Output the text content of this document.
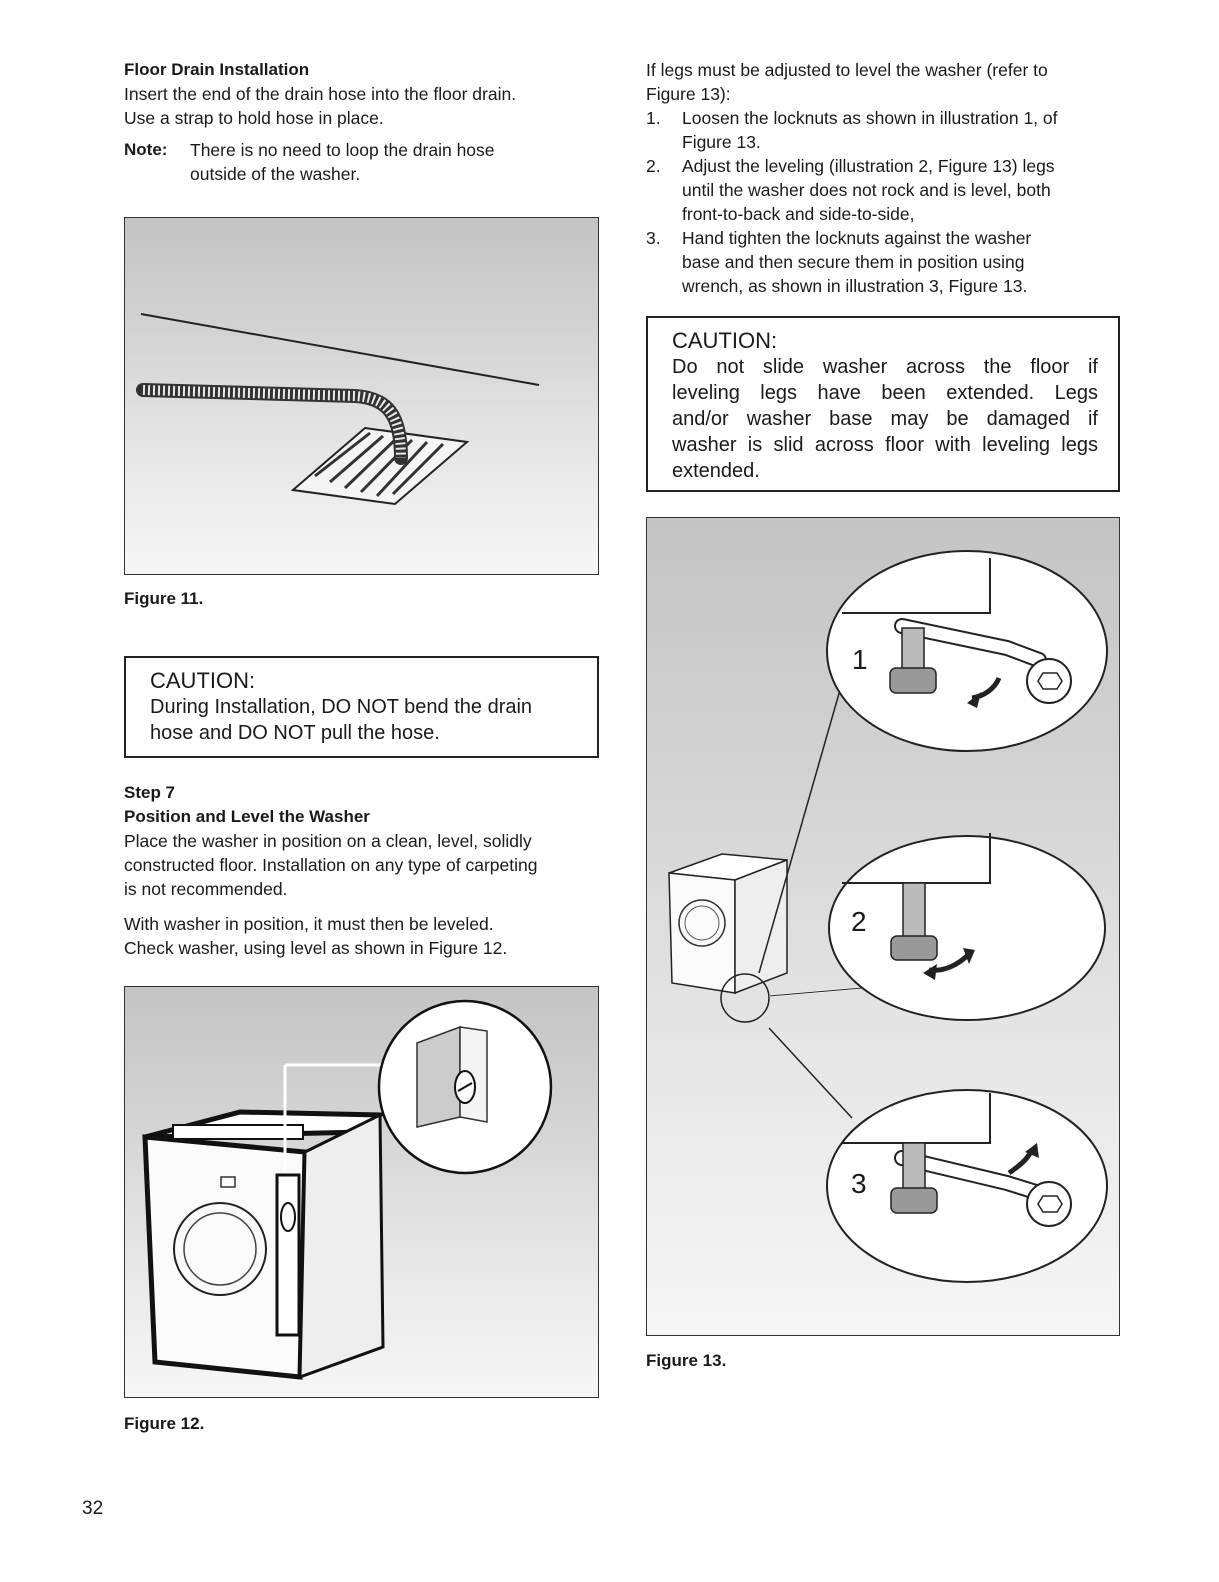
Floor Drain Installation
Insert the end of the drain hose into the floor drain.
Use a strap to hold hose in place.
Note: There is no need to loop the drain hose
outside of the washer.
Figure 11.
CAUTION:
During Installation, DO NOT bend the drain
hose and DO NOT pull the hose.
Step 7
Position and Level the Washer
Place the washer in position on a clean, level, solidly
constructed floor. Installation on any type of carpeting
is not recommended.
With washer in position, it must then be leveled.
Check washer, using level as shown in Figure 12.
Figure 12.
If legs must be adjusted to level the washer (refer to
Figure 13):
1. Loosen the locknuts as shown in illustration 1, of
Figure 13.
2. Adjust the leveling (illustration 2, Figure 13) legs
until the washer does not rock and is level, both
front-to-back and side-to-side,
3. Hand tighten the locknuts against the washer
base and then secure them in position using
wrench, as shown in illustration 3, Figure 13.
CAUTION:
Do not slide washer across the floor if
leveling legs have been extended. Legs
and/or washer base may be damaged if
washer is slid across floor with leveling legs
extended.
1
2
3
Figure 13.
32
